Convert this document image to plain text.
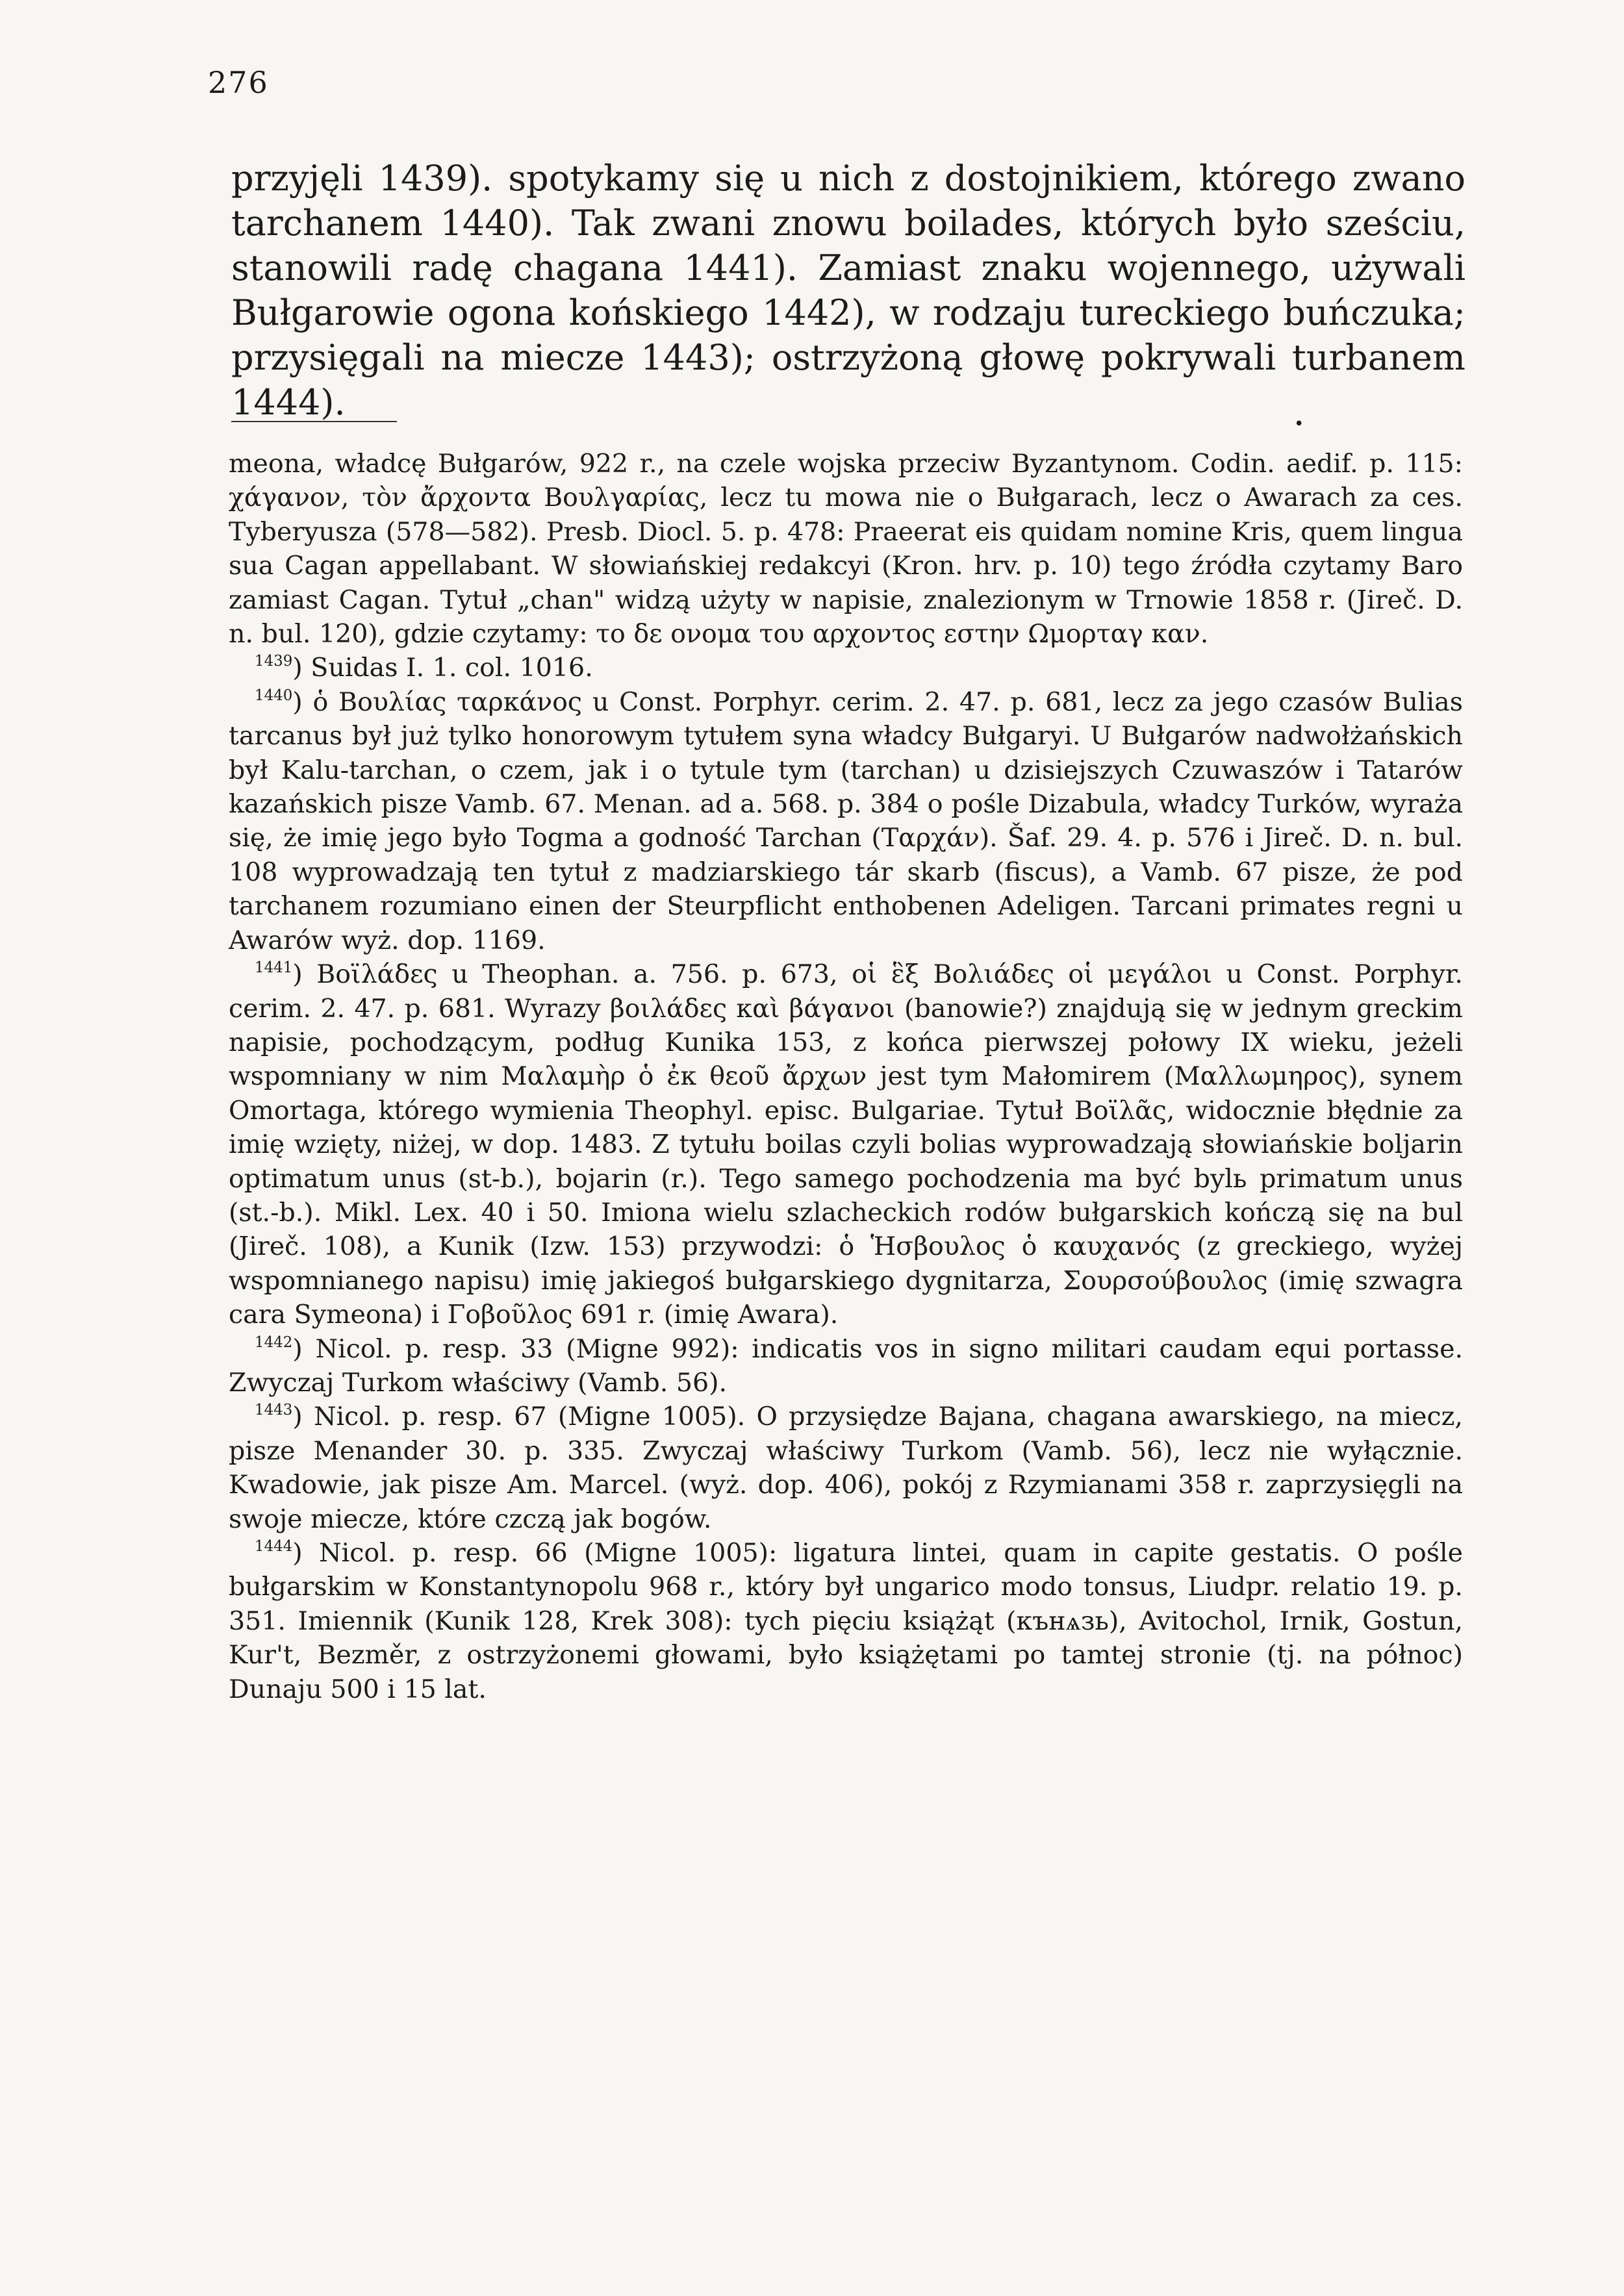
276
przyjęli 1439). spotykamy się u nich z dostojnikiem, którego zwano tarchanem 1440). Tak zwani znowu boilades, których było sześciu, stanowili radę chagana 1441). Zamiast znaku wojennego, używali Bułgarowie ogona końskiego 1442), w rodzaju tureckiego buńczuka; przysięgali na miecze 1443); ostrzyżoną głowę pokrywali turbanem 1444).
•

meona, władcę Bułgarów, 922 r., na czele wojska przeciw Byzantynom. Codin. aedif. p. 115: χάγανον, τὸν ἄρχοντα Βουλγαρίας, lecz tu mowa nie o Bułgarach, lecz o Awarach za ces. Tyberyusza (578—582). Presb. Diocl. 5. p. 478: Praeerat eis quidam nomine Kris, quem lingua sua Cagan appellabant. W słowiańskiej redakcyi (Kron. hrv. p. 10) tego źródła czytamy Baro zamiast Cagan. Tytuł „chan" widzą użyty w napisie, znalezionym w Trnowie 1858 r. (Jireč. D. n. bul. 120), gdzie czytamy: το δε ονομα του αρχοντος εστην Ωμορταγ καν.

$^{1439}$) Suidas I. 1. col. 1016.

$^{1440}$) ὁ Βουλίας ταρκάνος u Const. Porphyr. cerim. 2. 47. p. 681, lecz za jego czasów Bulias tarcanus był już tylko honorowym tytułem syna władcy Bułgaryi. U Bułgarów nadwołżańskich był Kalu-tarchan, o czem, jak i o tytule tym (tarchan) u dzisiejszych Czuwaszów i Tatarów kazańskich pisze Vamb. 67. Menan. ad a. 568. p. 384 o pośle Dizabula, władcy Turków, wyraża się, że imię jego było Togma a godność Tarchan (Ταρχάν). Šaf. 29. 4. p. 576 i Jireč. D. n. bul. 108 wyprowadzają ten tytuł z madziarskiego tár skarb (fiscus), a Vamb. 67 pisze, że pod tarchanem rozumiano einen der Steurpflicht enthobenen Adeligen. Tarcani primates regni u Awarów wyż. dop. 1169.

$^{1441}$) Βοϊλάδες u Theophan. a. 756. p. 673, οἱ ἓξ Βολιάδες οἱ μεγάλοι u Const. Porphyr. cerim. 2. 47. p. 681. Wyrazy βοιλάδες καὶ βάγανοι (banowie?) znajdują się w jednym greckim napisie, pochodzącym, podług Kunika 153, z końca pierwszej połowy IX wieku, jeżeli wspomniany w nim Μαλαμὴρ ὁ ἐκ θεοῦ ἄρχων jest tym Małomirem (Μαλλωμηρος), synem Omortaga, którego wymienia Theophyl. episc. Bulgariae. Tytuł Βοϊλᾶς, widocznie błędnie za imię wzięty, niżej, w dop. 1483. Z tytułu boilas czyli bolias wyprowadzają słowiańskie boljarin optimatum unus (st-b.), bojarin (r.). Tego samego pochodzenia ma być bylь primatum unus (st.-b.). Mikl. Lex. 40 i 50. Imiona wielu szlacheckich rodów bułgarskich kończą się na bul (Jireč. 108), a Kunik (Izw. 153) przywodzi: ὁ Ἡσβουλος ὁ καυχανός (z greckiego, wyżej wspomnianego napisu) imię jakiegoś bułgarskiego dygnitarza, Σουρσούβουλος (imię szwagra cara Symeona) i Γοβοῦλος 691 r. (imię Awara).

$^{1442}$) Nicol. p. resp. 33 (Migne 992): indicatis vos in signo militari caudam equi portasse. Zwyczaj Turkom właściwy (Vamb. 56).

$^{1443}$) Nicol. p. resp. 67 (Migne 1005). O przysiędze Bajana, chagana awarskiego, na miecz, pisze Menander 30. p. 335. Zwyczaj właściwy Turkom (Vamb. 56), lecz nie wyłącznie. Kwadowie, jak pisze Am. Marcel. (wyż. dop. 406), pokój z Rzymianami 358 r. zaprzysięgli na swoje miecze, które czczą jak bogów.

$^{1444}$) Nicol. p. resp. 66 (Migne 1005): ligatura lintei, quam in capite gestatis. O pośle bułgarskim w Konstantynopolu 968 r., który był ungarico modo tonsus, Liudpr. relatio 19. p. 351. Imiennik (Kunik 128, Krek 308): tych pięciu książąt (кънѧзь), Avitochol, Irnik, Gostun, Kur't, Bezměr, z ostrzyżonemi głowami, było książętami po tamtej stronie (tj. na północ) Dunaju 500 i 15 lat.
